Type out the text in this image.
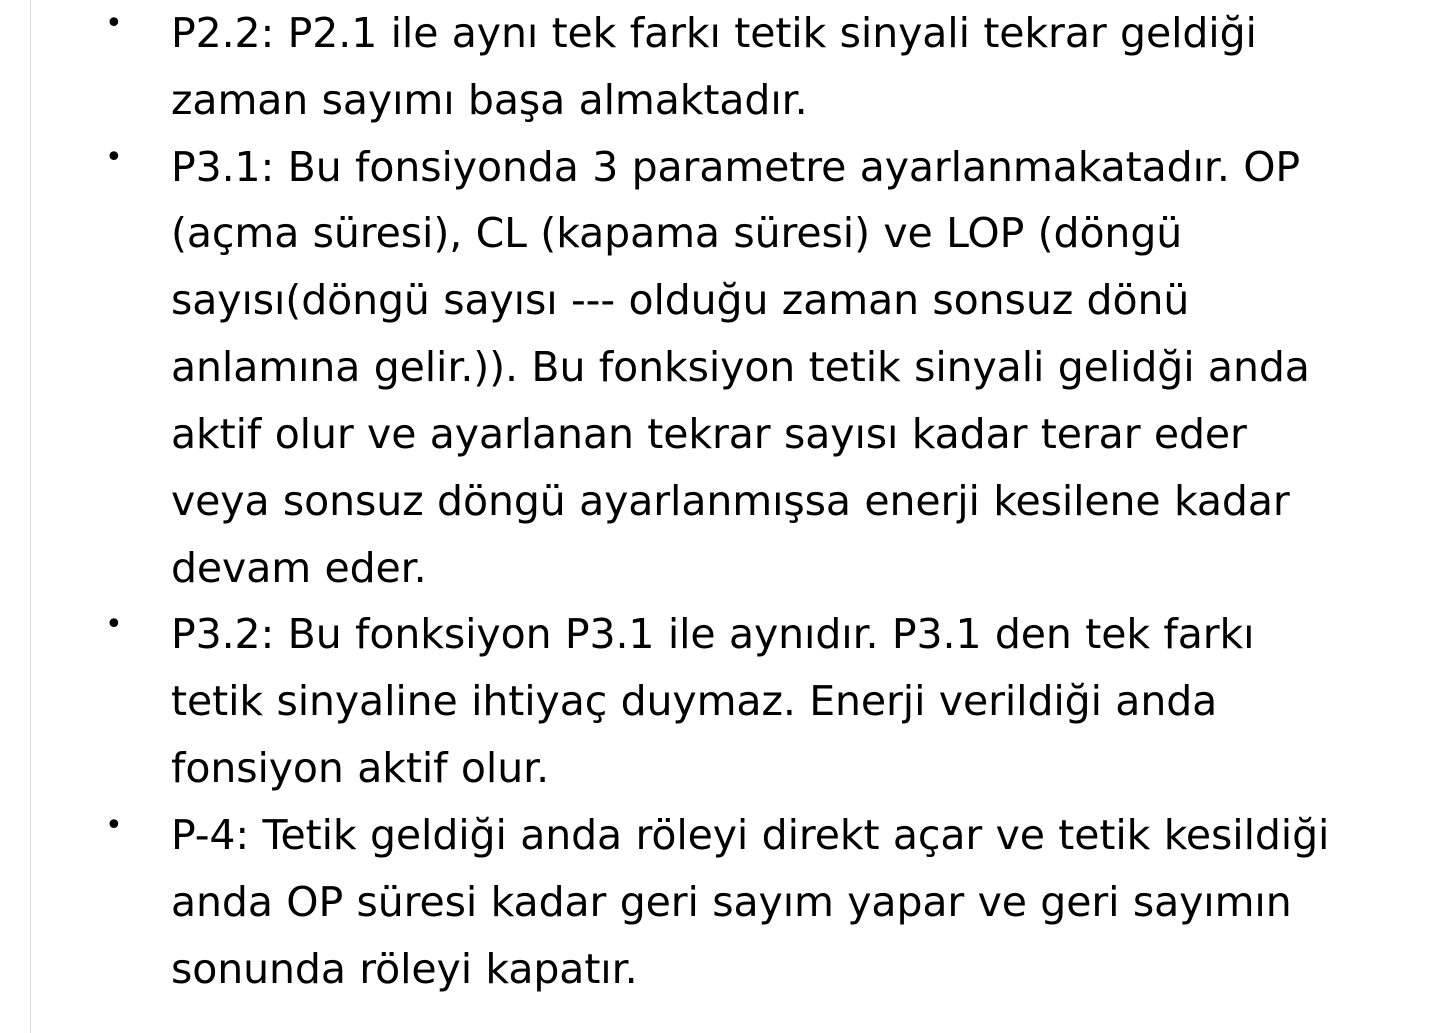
• P2.2: P2.1 ile aynı tek farkı tetik sinyali tekrar geldiği zaman sayımı başa almaktadır.
• P3.1: Bu fonsiyonda 3 parametre ayarlanmakatadır. OP (açma süresi), CL (kapama süresi) ve LOP (döngü sayısı(döngü sayısı --- olduğu zaman sonsuz dönü anlamına gelir.)). Bu fonksiyon tetik sinyali gelidği anda aktif olur ve ayarlanan tekrar sayısı kadar terar eder veya sonsuz döngü ayarlanmışsa enerji kesilene kadar devam eder.
• P3.2: Bu fonksiyon P3.1 ile aynıdır. P3.1 den tek farkı tetik sinyaline ihtiyaç duymaz. Enerji verildiği anda fonsiyon aktif olur.
• P-4: Tetik geldiği anda röleyi direkt açar ve tetik kesildiği anda OP süresi kadar geri sayım yapar ve geri sayımın sonunda röleyi kapatır.
